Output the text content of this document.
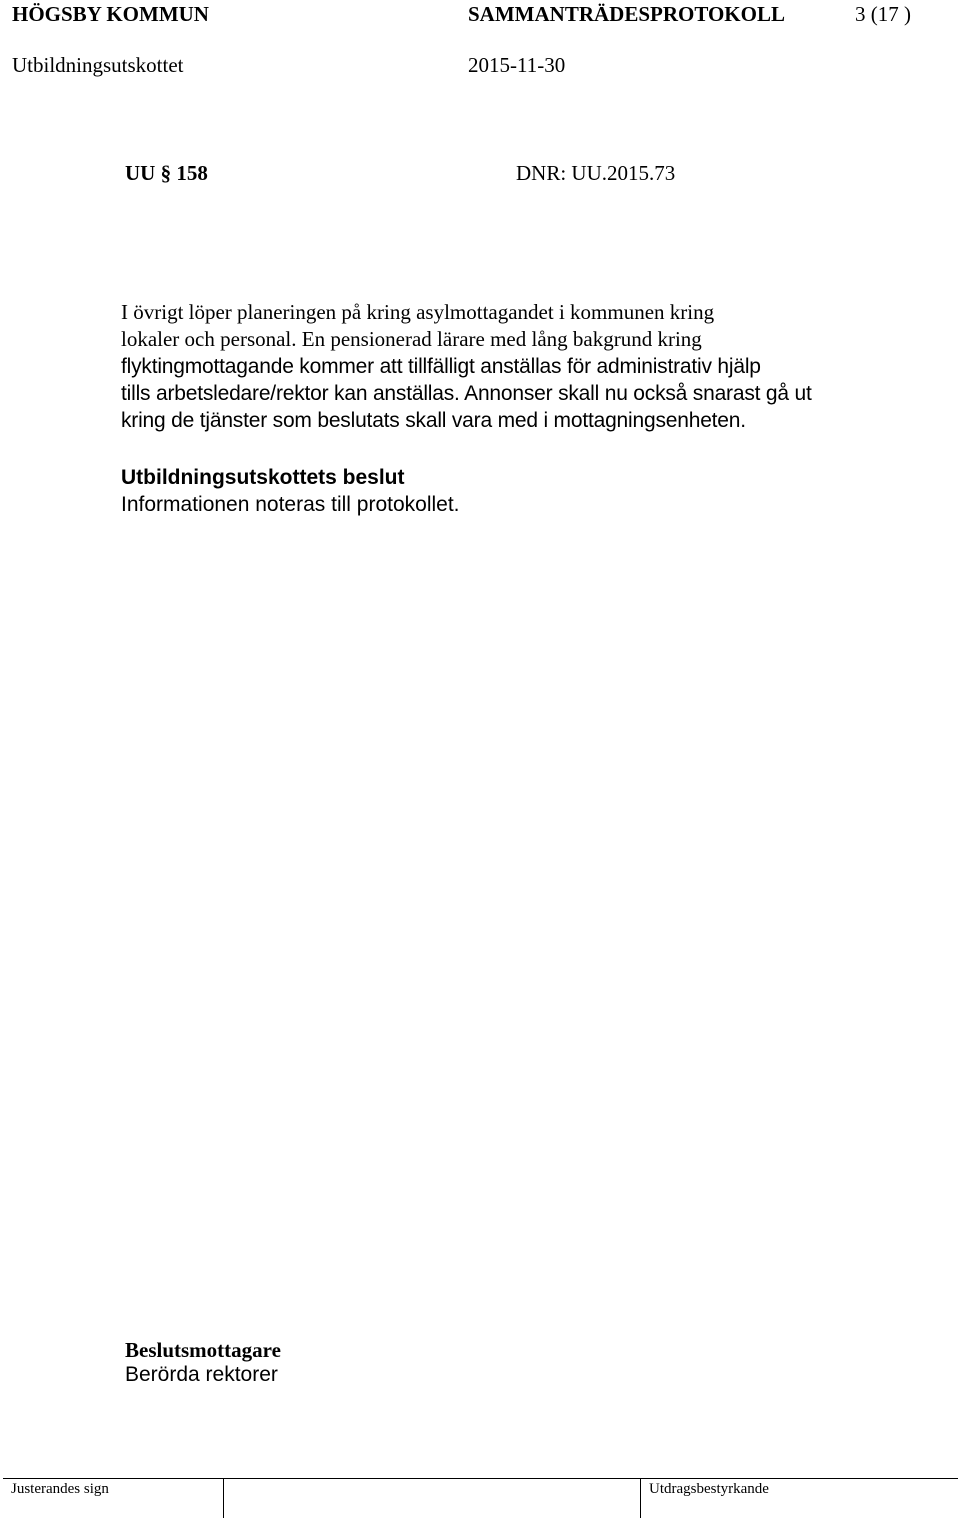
HÖGSBY KOMMUN	SAMMANTRÄDESPROTOKOLL	3 (17 )
Utbildningsutskottet	2015-11-30
UU § 158	DNR: UU.2015.73

I övrigt löper planeringen på kring asylmottagandet i kommunen kring

lokaler och personal. En pensionerad lärare med lång bakgrund kring

flyktingmottagande kommer att tillfälligt anställas för administrativ hjälp

tills arbetsledare/rektor kan anställas. Annonser skall nu också snarast gå ut

kring de tjänster som beslutats skall vara med i mottagningsenheten.

Utbildningsutskottets beslut
Informationen noteras till protokollet.
Beslutsmottagare
Berörda rektorer
Justerandes sign	Utdragsbestyrkande
